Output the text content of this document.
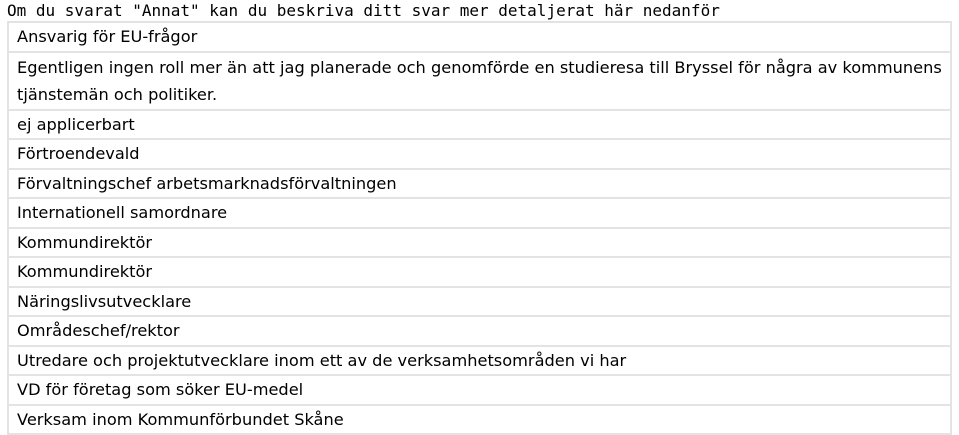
Om du svarat "Annat" kan du beskriva ditt svar mer detaljerat här nedanför
Ansvarig för EU-frågor
Egentligen ingen roll mer än att jag planerade och genomförde en studieresa till Bryssel för några av kommunens tjänstemän och politiker.
ej applicerbart
Förtroendevald
Förvaltningschef arbetsmarknadsförvaltningen
Internationell samordnare
Kommundirektör
Kommundirektör
Näringslivsutvecklare
Områdeschef/rektor
Utredare och projektutvecklare inom ett av de verksamhetsområden vi har
VD för företag som söker EU-medel
Verksam inom Kommunförbundet Skåne
